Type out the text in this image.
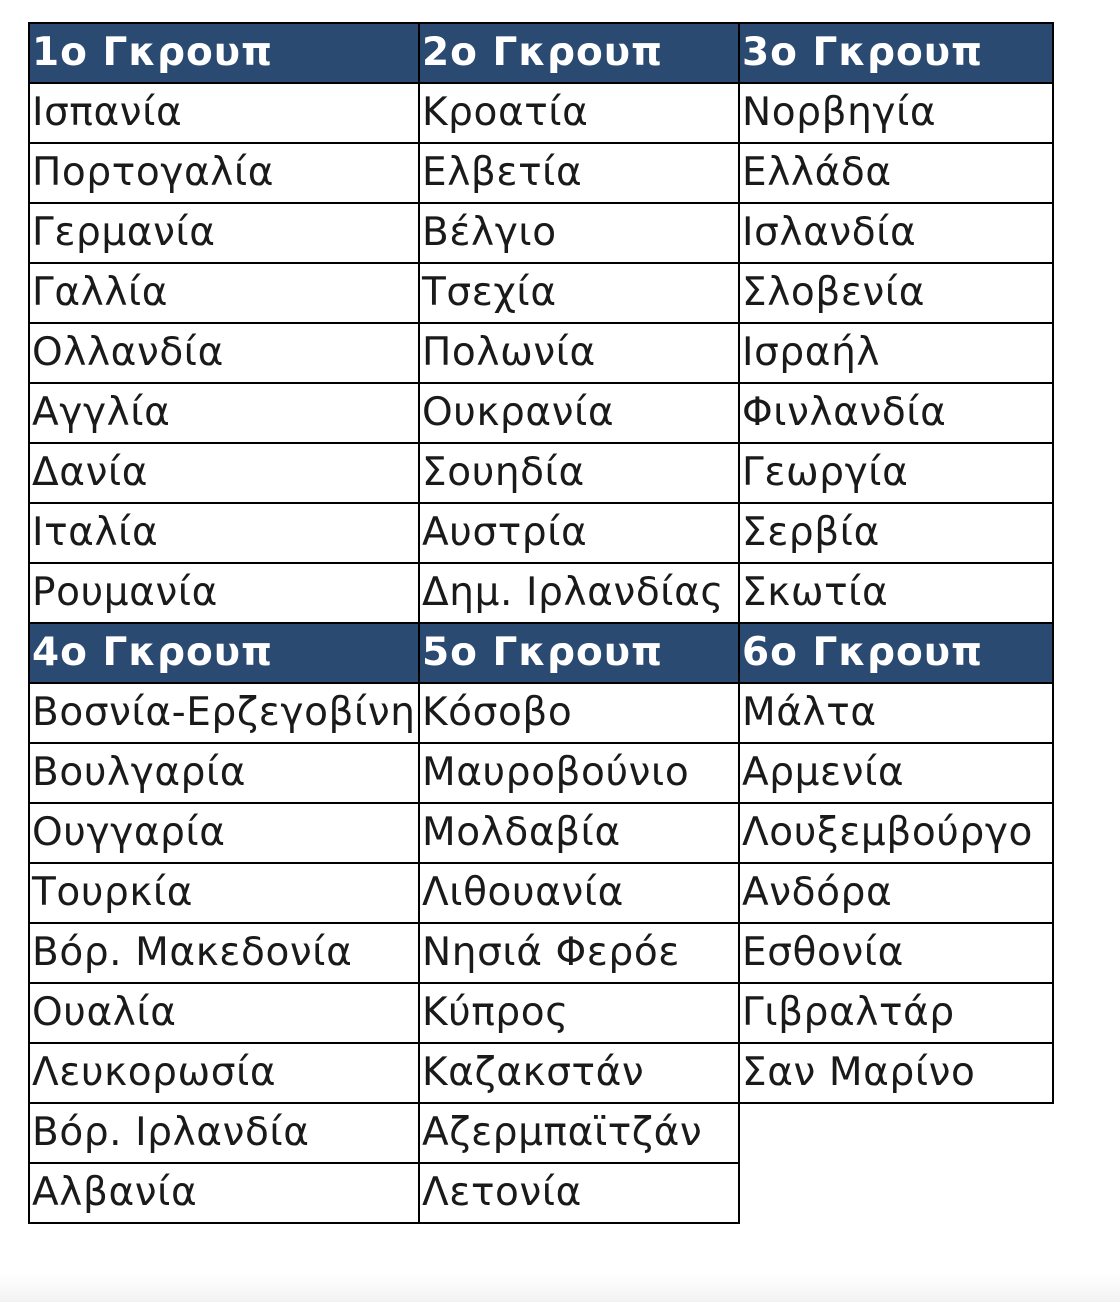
1ο Γκρουπ	2ο Γκρουπ	3ο Γκρουπ
Ισπανία	Κροατία	Νορβηγία
Πορτογαλία	Ελβετία	Ελλάδα
Γερμανία	Βέλγιο	Ισλανδία
Γαλλία	Τσεχία	Σλοβενία
Ολλανδία	Πολωνία	Ισραήλ
Αγγλία	Ουκρανία	Φινλανδία
Δανία	Σουηδία	Γεωργία
Ιταλία	Αυστρία	Σερβία
Ρουμανία	Δημ. Ιρλανδίας	Σκωτία
4ο Γκρουπ	5ο Γκρουπ	6ο Γκρουπ
Βοσνία-Ερζεγοβίνη	Κόσοβο	Μάλτα
Βουλγαρία	Μαυροβούνιο	Αρμενία
Ουγγαρία	Μολδαβία	Λουξεμβούργο
Τουρκία	Λιθουανία	Ανδόρα
Βόρ. Μακεδονία	Νησιά Φερόε	Εσθονία
Ουαλία	Κύπρος	Γιβραλτάρ
Λευκορωσία	Καζακστάν	Σαν Μαρίνο
Βόρ. Ιρλανδία	Αζερμπαϊτζάν	
Αλβανία	Λετονία	
